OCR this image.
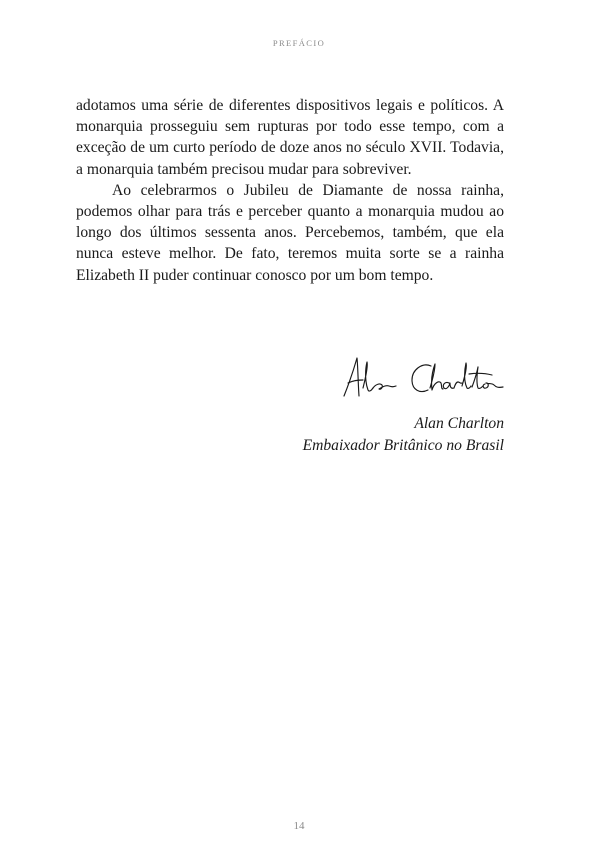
PREFÁCIO

adotamos uma série de diferentes dispositivos legais e políticos. A monarquia prosseguiu sem rupturas por todo esse tempo, com a exceção de um curto período de doze anos no século XVII. Todavia, a monarquia também precisou mudar para sobreviver.

Ao celebrarmos o Jubileu de Diamante de nossa rainha, podemos olhar para trás e perceber quanto a monarquia mudou ao longo dos últimos sessenta anos. Percebemos, também, que ela nunca esteve melhor. De fato, teremos muita sorte se a rainha Elizabeth II puder continuar conosco por um bom tempo.

Alan Charlton
Embaixador Britânico no Brasil
14
